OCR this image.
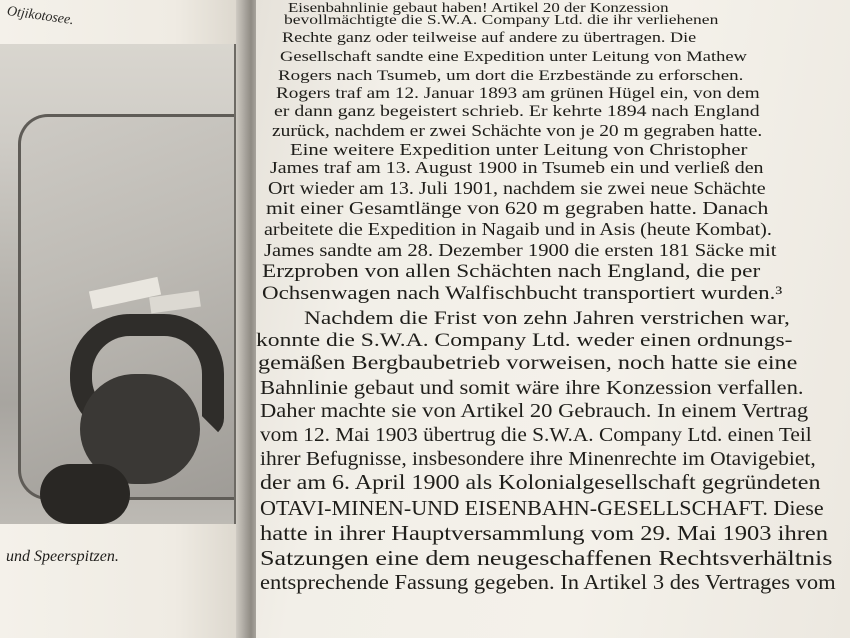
Otjikotosee.
und Speerspitzen.
Eisenbahnlinie gebaut haben! Artikel 20 der Konzession
bevollmächtigte die S.W.A. Company Ltd. die ihr verliehenen
Rechte ganz oder teilweise auf andere zu übertragen. Die
Gesellschaft sandte eine Expedition unter Leitung von Mathew
Rogers nach Tsumeb, um dort die Erzbestände zu erforschen.
Rogers traf am 12. Januar 1893 am grünen Hügel ein, von dem
er dann ganz begeistert schrieb. Er kehrte 1894 nach England
zurück, nachdem er zwei Schächte von je 20 m gegraben hatte.
Eine weitere Expedition unter Leitung von Christopher
James traf am 13. August 1900 in Tsumeb ein und verließ den
Ort wieder am 13. Juli 1901, nachdem sie zwei neue Schächte
mit einer Gesamtlänge von 620 m gegraben hatte. Danach
arbeitete die Expedition in Nagaib und in Asis (heute Kombat).
James sandte am 28. Dezember 1900 die ersten 181 Säcke mit
Erzproben von allen Schächten nach England, die per
Ochsenwagen nach Walfischbucht transportiert wurden.³
Nachdem die Frist von zehn Jahren verstrichen war,
konnte die S.W.A. Company Ltd. weder einen ordnungs-
gemäßen Bergbaubetrieb vorweisen, noch hatte sie eine
Bahnlinie gebaut und somit wäre ihre Konzession verfallen.
Daher machte sie von Artikel 20 Gebrauch. In einem Vertrag
vom 12. Mai 1903 übertrug die S.W.A. Company Ltd. einen Teil
ihrer Befugnisse, insbesondere ihre Minenrechte im Otavigebiet,
der am 6. April 1900 als Kolonialgesellschaft gegründeten
OTAVI-MINEN-UND EISENBAHN-GESELLSCHAFT. Diese
hatte in ihrer Hauptversammlung vom 29. Mai 1903 ihren
Satzungen eine dem neugeschaffenen Rechtsverhältnis
entsprechende Fassung gegeben. In Artikel 3 des Vertrages vom
